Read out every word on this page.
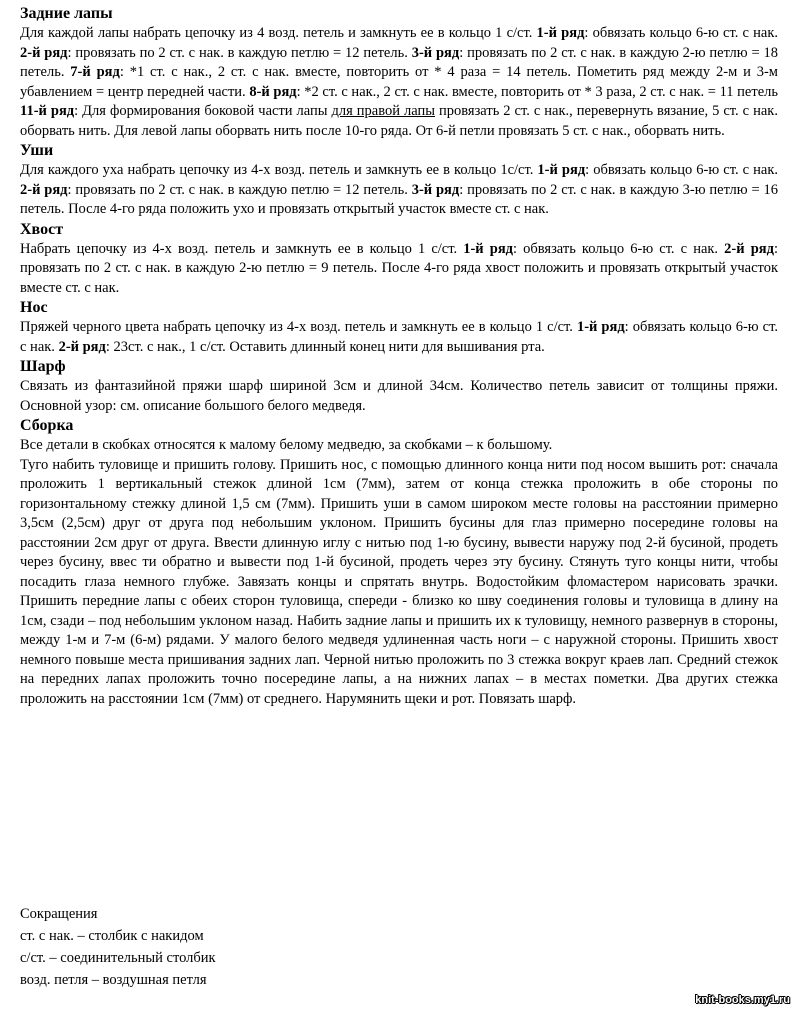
Задние лапы

Для каждой лапы набрать цепочку из 4 возд. петель и замкнуть ее в кольцо 1 с/ст. 1-й ряд: обвязать кольцо 6-ю ст. с нак. 2-й ряд: провязать по 2 ст. с нак. в каждую петлю = 12 петель. 3-й ряд: провязать по 2 ст. с нак. в каждую 2-ю петлю = 18 петель. 7-й ряд: *1 ст. с нак., 2 ст. с нак. вместе, повторить от * 4 раза = 14 петель. Пометить ряд между 2-м и 3-м убавлением = центр передней части. 8-й ряд: *2 ст. с нак., 2 ст. с нак. вместе, повторить от * 3 раза, 2 ст. с нак. = 11 петель 11-й ряд: Для формирования боковой части лапы для правой лапы провязать 2 ст. с нак., перевернуть вязание, 5 ст. с нак. оборвать нить. Для левой лапы оборвать нить после 10-го ряда. От 6-й петли провязать 5 ст. с нак., оборвать нить.

Уши

Для каждого уха набрать цепочку из 4-х возд. петель и замкнуть ее в кольцо 1с/ст. 1-й ряд: обвязать кольцо 6-ю ст. с нак. 2-й ряд: провязать по 2 ст. с нак. в каждую петлю = 12 петель. 3-й ряд: провязать по 2 ст. с нак. в каждую 3-ю петлю = 16 петель. После 4-го ряда положить ухо и провязать открытый участок вместе ст. с нак.

Хвост

Набрать цепочку из 4-х возд. петель и замкнуть ее в кольцо 1 с/ст. 1-й ряд: обвязать кольцо 6-ю ст. с нак. 2-й ряд: провязать по 2 ст. с нак. в каждую 2-ю петлю = 9 петель. После 4-го ряда хвост положить и провязать открытый участок вместе ст. с нак.

Нос

Пряжей черного цвета набрать цепочку из 4-х возд. петель и замкнуть ее в кольцо 1 с/ст. 1-й ряд: обвязать кольцо 6-ю ст. с нак. 2-й ряд: 23ст. с нак., 1 с/ст. Оставить длинный конец нити для вышивания рта.

Шарф

Связать из фантазийной пряжи шарф шириной 3см и длиной 34см. Количество петель зависит от толщины пряжи. Основной узор: см. описание большого белого медведя.

Сборка

Все детали в скобках относятся к малому белому медведю, за скобками – к большому.

Туго набить туловище и пришить голову. Пришить нос, с помощью длинного конца нити под носом вышить рот: сначала проложить 1 вертикальный стежок длиной 1см (7мм), затем от конца стежка проложить в обе стороны по горизонтальному стежку длиной 1,5 см (7мм). Пришить уши в самом широком месте головы на расстоянии примерно 3,5см (2,5см) друг от друга под небольшим уклоном. Пришить бусины для глаз примерно посередине головы на расстоянии 2см друг от друга. Ввести длинную иглу с нитью под 1-ю бусину, вывести наружу под 2-й бусиной, продеть через бусину, ввес ти обратно и вывести под 1-й бусиной, продеть через эту бусину. Стянуть туго концы нити, чтобы посадить глаза немного глубже. Завязать концы и спрятать внутрь. Водостойким фломастером нарисовать зрачки. Пришить передние лапы с обеих сторон туловища, спереди - близко ко шву соединения головы и туловища в длину на 1см, сзади – под небольшим уклоном назад. Набить задние лапы и пришить их к туловищу, немного развернув в стороны, между 1-м и 7-м (6-м) рядами. У малого белого медведя удлиненная часть ноги – с наружной стороны. Пришить хвост немного повыше места пришивания задних лап. Черной нитью проложить по 3 стежка вокруг краев лап. Средний стежок на передних лапах проложить точно посередине лапы, а на нижних лапах – в местах пометки. Два других стежка проложить на расстоянии 1см (7мм) от среднего. Нарумянить щеки и рот. Повязать шарф.

Сокращения
ст. с нак. – столбик с накидом
с/ст. – соединительный столбик
возд. петля – воздушная петля
knit-books.my1.ru
